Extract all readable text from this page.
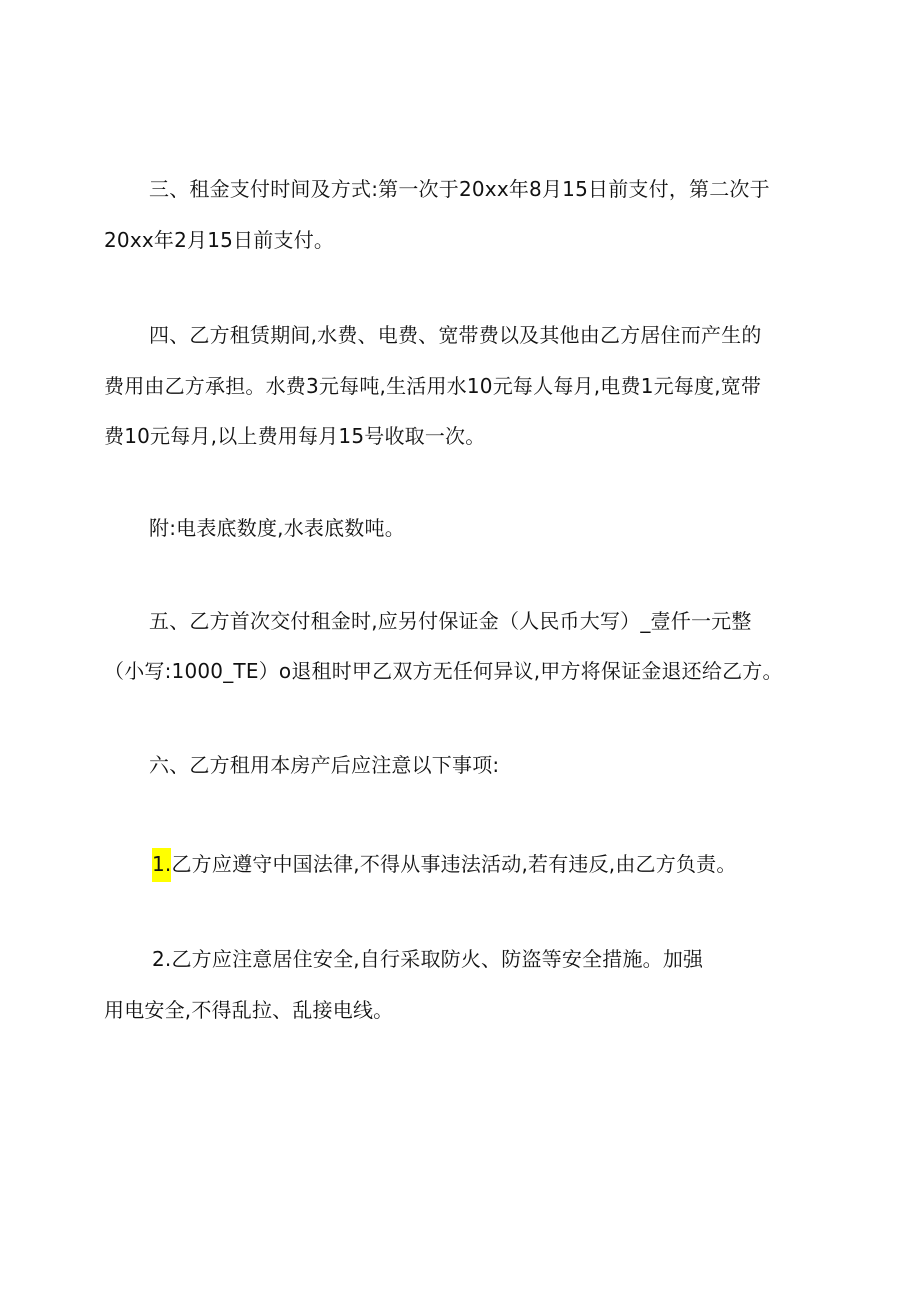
三、租金支付时间及方式:第一次于20xx年8月15日前支付，第二次于
20xx年2月15日前支付。
四、乙方租赁期间,水费、电费、宽带费以及其他由乙方居住而产生的
费用由乙方承担。水费3元每吨,生活用水10元每人每月,电费1元每度,宽带
费10元每月,以上费用每月15号收取一次。
附:电表底数度,水表底数吨。
五、乙方首次交付租金时,应另付保证金（人民币大写）_壹仟一元整
（小写:1000_TE）o退租时甲乙双方无任何异议,甲方将保证金退还给乙方。
六、乙方租用本房产后应注意以下事项:
1.乙方应遵守中国法律,不得从事违法活动,若有违反,由乙方负责。
2.乙方应注意居住安全,自行采取防火、防盗等安全措施。加强
用电安全,不得乱拉、乱接电线。
